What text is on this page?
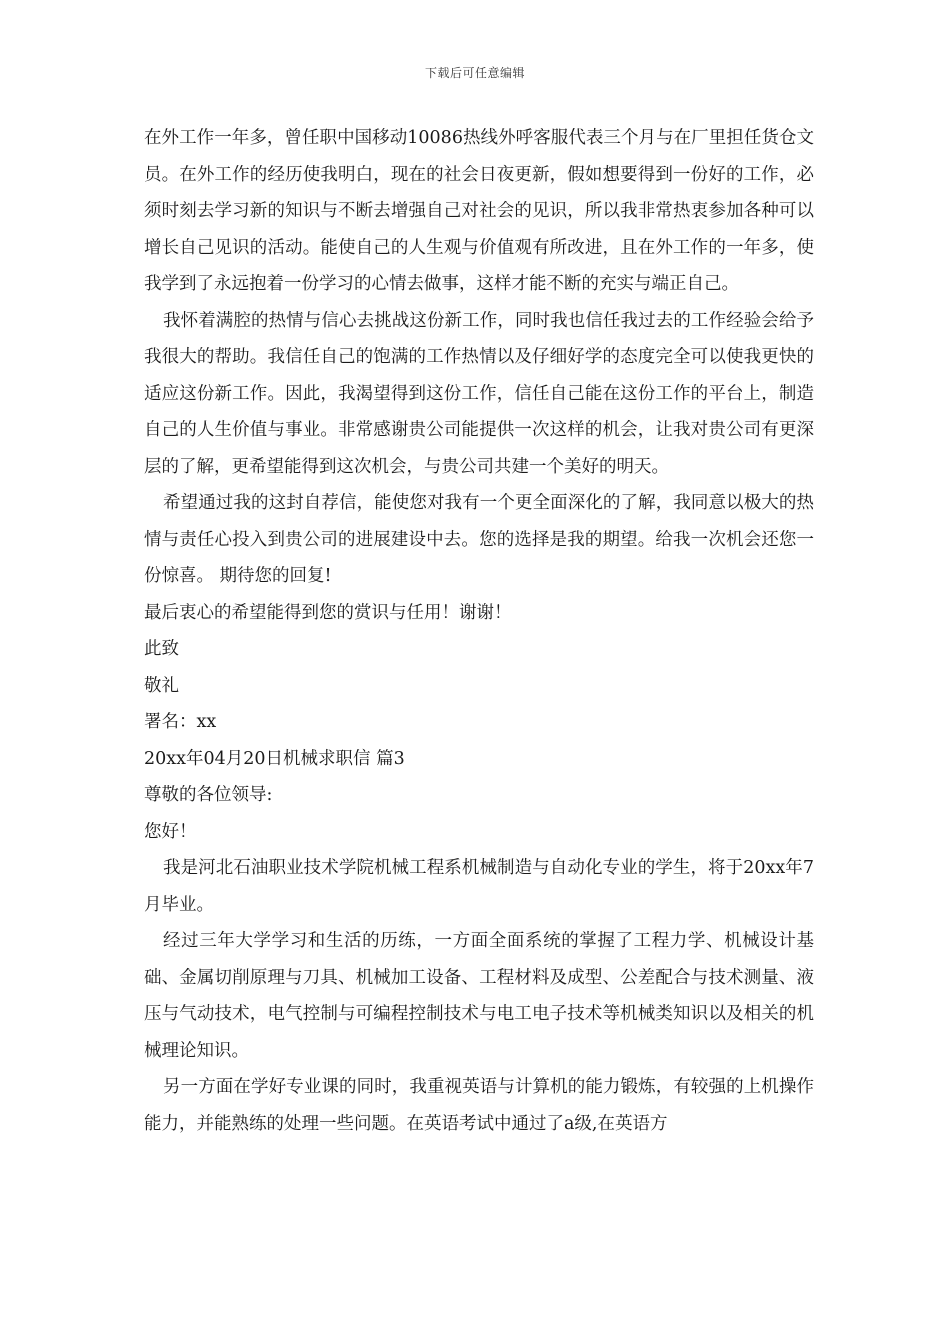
下载后可任意编辑

在外工作一年多，曾任职中国移动10086热线外呼客服代表三个月与在厂里担任货仓文员。在外工作的经历使我明白，现在的社会日夜更新，假如想要得到一份好的工作，必须时刻去学习新的知识与不断去增强自己对社会的见识，所以我非常热衷参加各种可以增长自己见识的活动。能使自己的人生观与价值观有所改进，且在外工作的一年多，使我学到了永远抱着一份学习的心情去做事，这样才能不断的充实与端正自己。

我怀着满腔的热情与信心去挑战这份新工作，同时我也信任我过去的工作经验会给予我很大的帮助。我信任自己的饱满的工作热情以及仔细好学的态度完全可以使我更快的适应这份新工作。因此，我渴望得到这份工作，信任自己能在这份工作的平台上，制造自己的人生价值与事业。非常感谢贵公司能提供一次这样的机会，让我对贵公司有更深层的了解，更希望能得到这次机会，与贵公司共建一个美好的明天。

希望通过我的这封自荐信，能使您对我有一个更全面深化的了解，我同意以极大的热情与责任心投入到贵公司的进展建设中去。您的选择是我的期望。给我一次机会还您一份惊喜。 期待您的回复!

最后衷心的希望能得到您的赏识与任用！谢谢！

此致

敬礼

署名：xx

20xx年04月20日机械求职信 篇3

尊敬的各位领导:

您好！

我是河北石油职业技术学院机械工程系机械制造与自动化专业的学生，将于20xx年7月毕业。

经过三年大学学习和生活的历练，一方面全面系统的掌握了工程力学、机械设计基础、金属切削原理与刀具、机械加工设备、工程材料及成型、公差配合与技术测量、液压与气动技术，电气控制与可编程控制技术与电工电子技术等机械类知识以及相关的机械理论知识。

另一方面在学好专业课的同时，我重视英语与计算机的能力锻炼，有较强的上机操作能力，并能熟练的处理一些问题。在英语考试中通过了a级,在英语方
